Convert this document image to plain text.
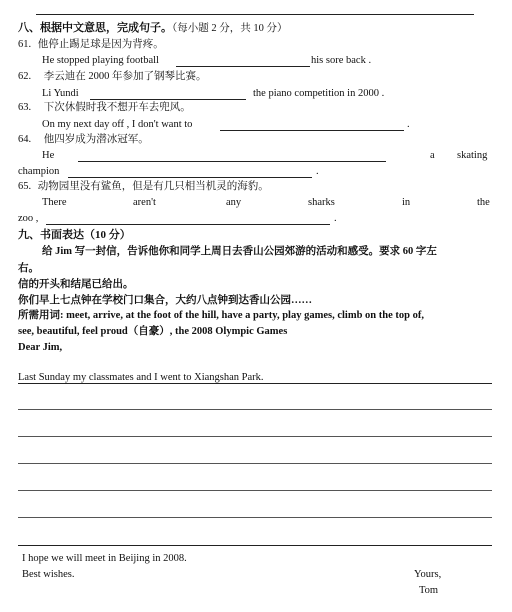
八、根据中文意思，完成句子。（每小题 2 分，共 10 分）
61. 他停止踢足球是因为背疼。
He stopped playing football	his sore back .
62. 李云迪在 2000 年参加了钢琴比赛。
Li Yundi	the piano competition in 2000 .
63. 下次休假时我不想开车去兜风。
On my next day off , I don't want to	.
64. 他四岁成为潜冰冠军。
He	a skating
champion	.
65. 动物园里没有鲨鱼，但是有几只相当机灵的海豹。
There	aren't	any	sharks	in	the
zoo ,	.
九、书面表达（10 分）
给 Jim 写一封信，告诉他你和同学上周日去香山公园郊游的活动和感受。要求 60 字左
右。
信的开头和结尾已给出。
你们早上七点钟在学校门口集合，大约八点钟到达香山公园……
所需用词: meet, arrive, at the foot of the hill, have a party, play games, climb on the top of,
see, beautiful, feel proud（自豪）, the 2008 Olympic Games
Dear Jim,
Last Sunday my classmates and I went to Xiangshan Park.
I hope we will meet in Beijing in 2008.
Best wishes.	Yours,
Tom
